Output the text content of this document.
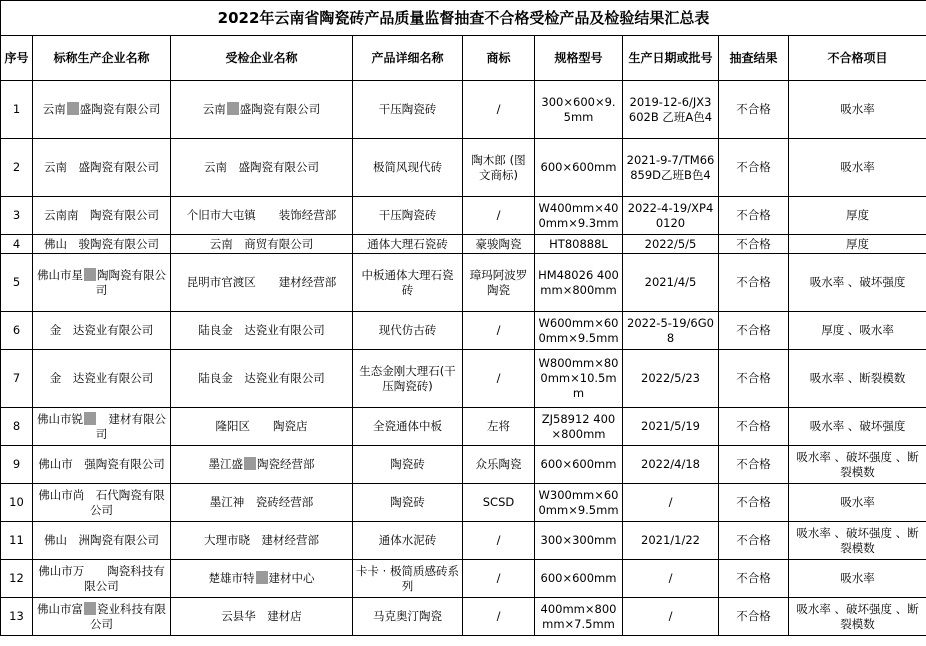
2022年云南省陶瓷砖产品质量监督抽查不合格受检产品及检验结果汇总表								
序号	标称生产企业名称	受检企业名称	产品详细名称	商标	规格型号	生产日期或批号	抽查结果	不合格项目
1	云南 盛陶瓷有限公司	云南 盛陶瓷有限公司	干压陶瓷砖	/	300×600×9.5mm	2019-12-6/JX3602B 乙班A色4	不合格	吸水率
2	云南　盛陶瓷有限公司	云南　盛陶瓷有限公司	极简风现代砖	陶木郎 (图文商标)	600×600mm	2021-9-7/TM66859D乙班B色4	不合格	吸水率
3	云南南　陶瓷有限公司	个旧市大屯镇　　装饰经营部	干压陶瓷砖	/	W400mm×400mm×9.3mm	2022-4-19/XP40120	不合格	厚度
4	佛山　骏陶瓷有限公司	云南　商贸有限公司	通体大理石瓷砖	豪骏陶瓷	HT80888L	2022/5/5	不合格	厚度
5	佛山市星 陶陶瓷有限公司	昆明市官渡区　　建材经营部	中板通体大理石瓷砖	璋玛阿波罗陶瓷	HM48026 400mm×800mm	2021/4/5	不合格	吸水率 、破坏强度
6	金　达瓷业有限公司	陆良金　达瓷业有限公司	现代仿古砖	/	W600mm×600mm×9.5mm	2022-5-19/6G08	不合格	厚度 、吸水率
7	金　达瓷业有限公司	陆良金　达瓷业有限公司	生态金刚大理石(干压陶瓷砖)	/	W800mm×800mm×10.5mm	2022/5/23	不合格	吸水率 、断裂模数
8	佛山市锐　建材有限公司	隆阳区　　陶瓷店	全瓷通体中板	左将	ZJ58912 400×800mm	2021/5/19	不合格	吸水率 、破坏强度
9	佛山市　强陶瓷有限公司	墨江盛 陶瓷经营部	陶瓷砖	众乐陶瓷	600×600mm	2022/4/18	不合格	吸水率 、破坏强度 、断裂模数
10	佛山市尚　石代陶瓷有限公司	墨江神　瓷砖经营部	陶瓷砖	SCSD	W300mm×600mm×9.5mm	/	不合格	吸水率
11	佛山　洲陶瓷有限公司	大理市晓　建材经营部	通体水泥砖	/	300×300mm	2021/1/22	不合格	吸水率 、破坏强度 、断裂模数
12	佛山市万　　陶瓷科技有限公司	楚雄市特 建材中心	卡卡 · 极简质感砖系列	/	600×600mm	/	不合格	吸水率
13	佛山市富 瓷业科技有限公司	云县华　建材店	马克奥汀陶瓷	/	400mm×800mm×7.5mm	/	不合格	吸水率 、破坏强度 、断裂模数
